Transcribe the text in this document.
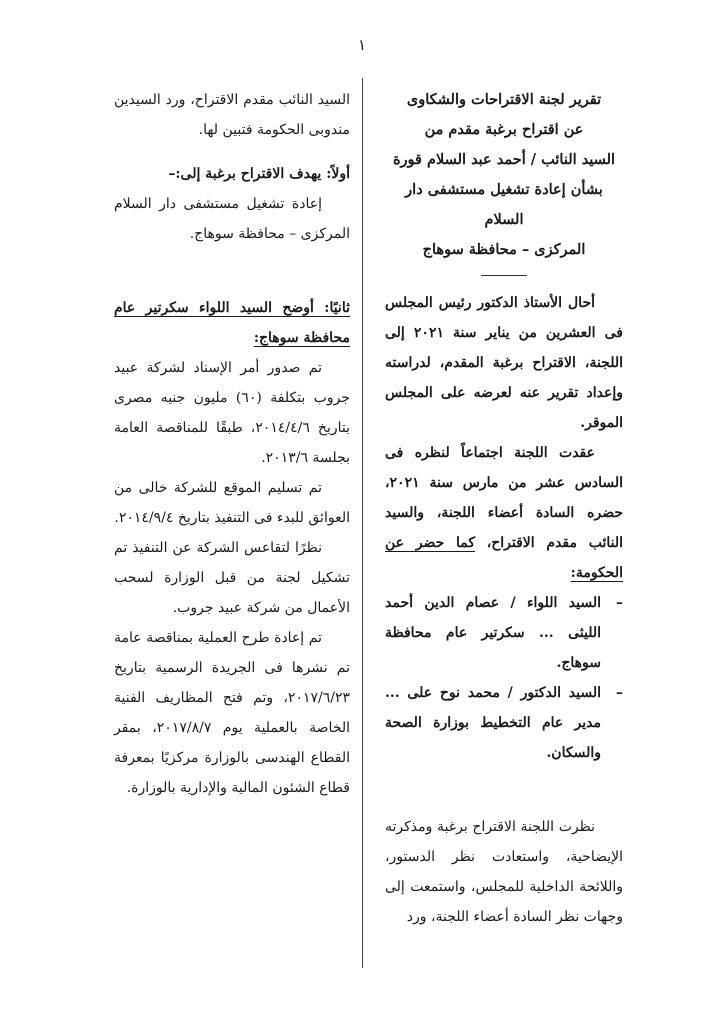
١
تقرير لجنة الاقتراحات والشكاوى
عن اقتراح برغبة مقدم من
السيد النائب / أحمد عبد السلام قورة
بشأن إعادة تشغيل مستشفى دار السلام
المركزى – محافظة سوهاج

أحال الأستاذ الدكتور رئيس المجلس فى العشرين من يناير سنة ٢٠٢١ إلى اللجنة، الاقتراح برغبة المقدم، لدراسته وإعداد تقرير عنه لعرضه على المجلس الموقر.

عقدت اللجنة اجتماعاً لنظره فى السادس عشر من مارس سنة ٢٠٢١، حضره السادة أعضاء اللجنة، والسيد النائب مقدم الاقتراح، كما حضر عن الحكومة:

–السيد اللواء / عصام الدين أحمد الليثى ... سكرتير عام محافظة سوهاج.
–السيد الدكتور / محمد نوح على ... مدير عام التخطيط بوزارة الصحة والسكان.

نظرت اللجنة الاقتراح برغبة ومذكرته الإيضاحية، واستعادت نظر الدستور، واللائحة الداخلية للمجلس، واستمعت إلى وجهات نظر السادة أعضاء اللجنة، ورد

السيد النائب مقدم الاقتراح، ورد السيدين مندوبى الحكومة فتبين لها.

أولاً: يهدف الاقتراح برغبة إلى:–

إعادة تشغيل مستشفى دار السلام المركزى – محافظة سوهاج.

ثانيًا: أوضح السيد اللواء سكرتير عام محافظة سوهاج:

تم صدور أمر الإسناد لشركة عبيد جروب بتكلفة (٦٠) مليون جنيه مصرى بتاريخ ٢٠١٤/٤/٦، طبقًا للمناقصة العامة بجلسة ٢٠١٣/٦.

تم تسليم الموقع للشركة خالى من العوائق للبدء فى التنفيذ بتاريخ ٢٠١٤/٩/٤.

نظرًا لتقاعس الشركة عن التنفيذ تم تشكيل لجنة من قبل الوزارة لسحب الأعمال من شركة عبيد جروب.

تم إعادة طرح العملية بمناقصة عامة تم نشرها فى الجريدة الرسمية بتاريخ ٢٠١٧/٦/٢٣، وتم فتح المظاريف الفنية الخاصة بالعملية يوم ٢٠١٧/٨/٧، بمقر القطاع الهندسى بالوزارة مركزيًا بمعرفة قطاع الشئون المالية والإدارية بالوزارة.
